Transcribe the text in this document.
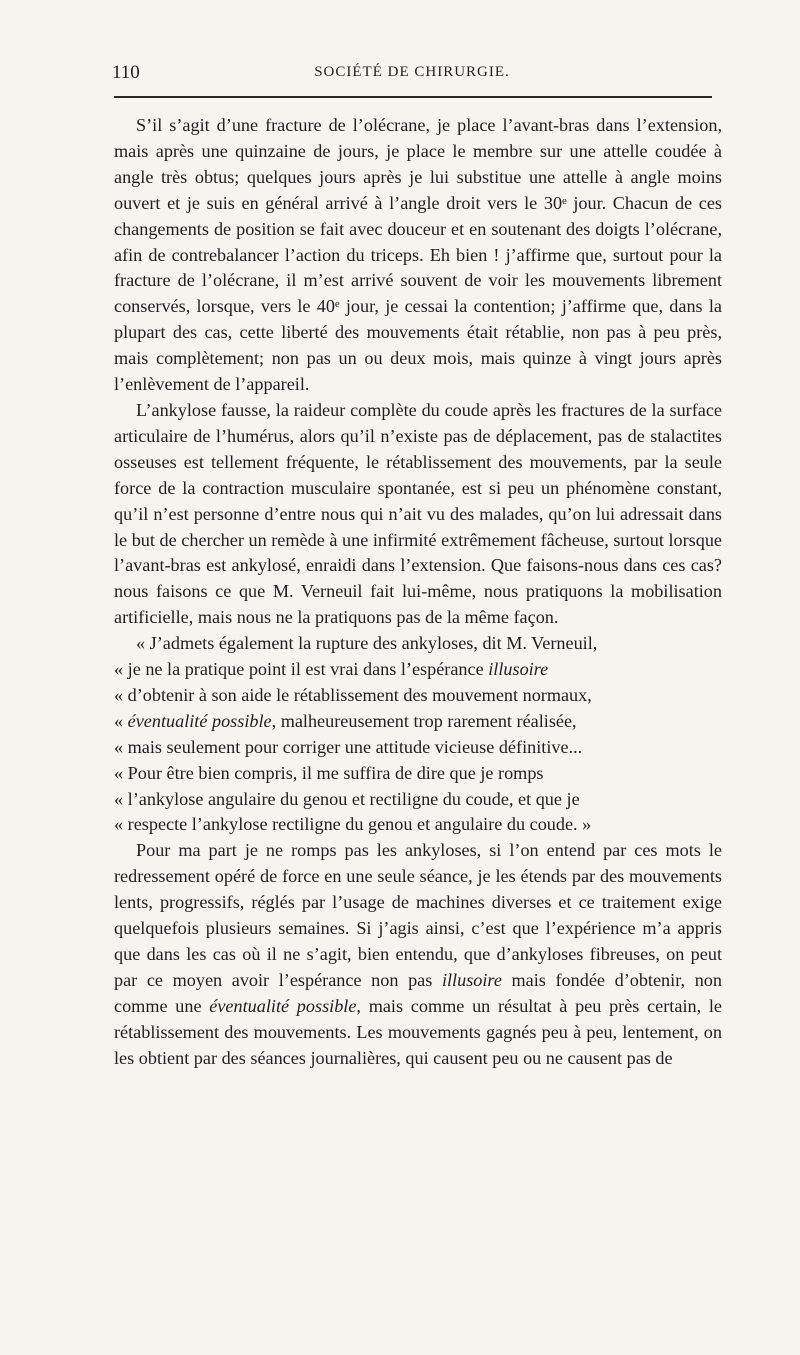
110	SOCIÉTÉ DE CHIRURGIE.

S’il s’agit d’une fracture de l’olécrane, je place l’avant-bras dans l’extension, mais après une quinzaine de jours, je place le membre sur une attelle coudée à angle très obtus; quelques jours après je lui substitue une attelle à angle moins ouvert et je suis en général arrivé à l’angle droit vers le 30ᵉ jour. Chacun de ces changements de position se fait avec douceur et en soutenant des doigts l’olécrane, afin de contrebalancer l’action du triceps. Eh bien ! j’affirme que, surtout pour la fracture de l’olécrane, il m’est arrivé souvent de voir les mouvements librement conservés, lorsque, vers le 40ᵉ jour, je cessai la contention; j’affirme que, dans la plupart des cas, cette liberté des mouvements était rétablie, non pas à peu près, mais complètement; non pas un ou deux mois, mais quinze à vingt jours après l’enlèvement de l’appareil.

L’ankylose fausse, la raideur complète du coude après les fractures de la surface articulaire de l’humérus, alors qu’il n’existe pas de déplacement, pas de stalactites osseuses est tellement fréquente, le rétablissement des mouvements, par la seule force de la contraction musculaire spontanée, est si peu un phénomène constant, qu’il n’est personne d’entre nous qui n’ait vu des malades, qu’on lui adressait dans le but de chercher un remède à une infirmité extrêmement fâcheuse, surtout lorsque l’avant-bras est ankylosé, enraidi dans l’extension. Que faisons-nous dans ces cas? nous faisons ce que M. Verneuil fait lui-même, nous pratiquons la mobilisation artificielle, mais nous ne la pratiquons pas de la même façon.

« J’admets également la rupture des ankyloses, dit M. Verneuil,
« je ne la pratique point il est vrai dans l’espérance illusoire
« d’obtenir à son aide le rétablissement des mouvement normaux,
« éventualité possible, malheureusement trop rarement réalisée,
« mais seulement pour corriger une attitude vicieuse définitive...
« Pour être bien compris, il me suffira de dire que je romps
« l’ankylose angulaire du genou et rectiligne du coude, et que je
« respecte l’ankylose rectiligne du genou et angulaire du coude. »

Pour ma part je ne romps pas les ankyloses, si l’on entend par ces mots le redressement opéré de force en une seule séance, je les étends par des mouvements lents, progressifs, réglés par l’usage de machines diverses et ce traitement exige quelquefois plusieurs semaines. Si j’agis ainsi, c’est que l’expérience m’a appris que dans les cas où il ne s’agit, bien entendu, que d’ankyloses fibreuses, on peut par ce moyen avoir l’espérance non pas illusoire mais fondée d’obtenir, non comme une éventualité possible, mais comme un résultat à peu près certain, le rétablissement des mouvements. Les mouvements gagnés peu à peu, lentement, on les obtient par des séances journalières, qui causent peu ou ne causent pas de
